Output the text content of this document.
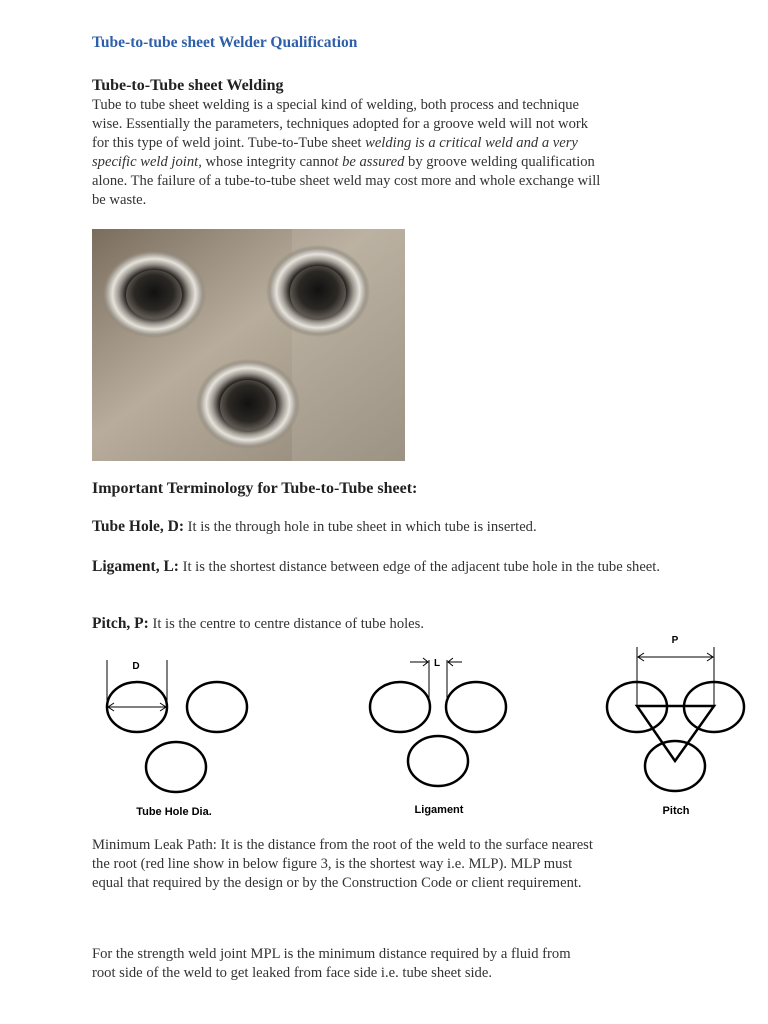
Tube-to-tube sheet Welder Qualification
Tube-to-Tube sheet Welding
Tube to tube sheet welding is a special kind of welding, both process and technique
wise. Essentially the parameters, techniques adopted for a groove weld will not work
for this type of weld joint. Tube-to-Tube sheet welding is a critical weld and a very
specific weld joint, whose integrity cannot be assured by groove welding qualification
alone. The failure of a tube-to-tube sheet weld may cost more and whole exchange will
be waste.
Important Terminology for Tube-to-Tube sheet:
Tube Hole, D: It is the through hole in tube sheet in which tube is inserted.
Ligament, L: It is the shortest distance between edge of the adjacent tube hole in the tube sheet.
Pitch, P: It is the centre to centre distance of tube holes.
D
Tube Hole Dia.
L
Ligament
P
Pitch
Minimum Leak Path: It is the distance from the root of the weld to the surface nearest
the root (red line show in below figure 3, is the shortest way i.e. MLP). MLP must
equal that required by the design or by the Construction Code or client requirement.
For the strength weld joint MPL is the minimum distance required by a fluid from
root side of the weld to get leaked from face side i.e. tube sheet side.
